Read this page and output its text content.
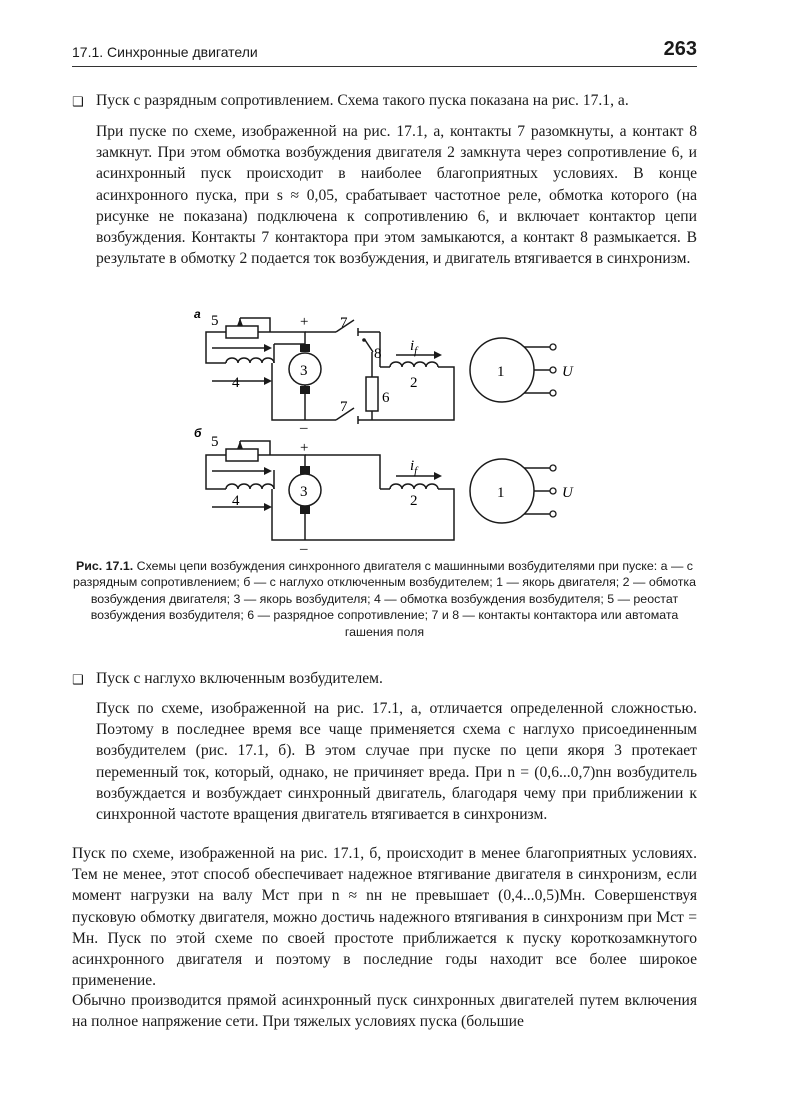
17.1. Синхронные двигатели	263
❑ Пуск с разрядным сопротивлением. Схема такого пуска показана на рис. 17.1, а.

При пуске по схеме, изображенной на рис. 17.1, а, контакты 7 разомкнуты, а контакт 8 замкнут. При этом обмотка возбуждения двигателя 2 замкнута через сопротивление 6, и асинхронный пуск происходит в наиболее благоприятных условиях. В конце асинхронного пуска, при s ≈ 0,05, срабатывает частотное реле, обмотка которого (на рисунке не показана) подключена к сопротивлению 6, и включает контактор цепи возбуждения. Контакты 7 контактора при этом замыкаются, а контакт 8 размыкается. В результате в обмотку 2 подается ток возбуждения, и двигатель втягивается в синхронизм.

а 5	+ 7
8 $i_f$
4
3
2
1	U
6
7
–
б
5	+
$i_f$
4
3
2	1	U
–
Рис. 17.1. Схемы цепи возбуждения синхронного двигателя с машинными возбудителями при пуске: а — с разрядным сопротивлением; б — с наглухо отключенным возбудителем; 1 — якорь двигателя; 2 — обмотка возбуждения двигателя; 3 — якорь возбудителя; 4 — обмотка возбуждения возбудителя; 5 — реостат возбуждения возбудителя; 6 — разрядное сопротивление; 7 и 8 — контакты контактора или автомата гашения поля
❑ Пуск с наглухо включенным возбудителем.

Пуск по схеме, изображенной на рис. 17.1, а, отличается определенной сложностью. Поэтому в последнее время все чаще применяется схема с наглухо присоединенным возбудителем (рис. 17.1, б). В этом случае при пуске по цепи якоря 3 протекает переменный ток, который, однако, не причиняет вреда. При n = (0,6...0,7)nн возбудитель возбуждается и возбуждает синхронный двигатель, благодаря чему при приближении к синхронной частоте вращения двигатель втягивается в синхронизм.

Пуск по схеме, изображенной на рис. 17.1, б, происходит в менее благоприятных условиях. Тем не менее, этот способ обеспечивает надежное втягивание двигателя в синхронизм, если момент нагрузки на валу Мст при n ≈ nн не превышает (0,4...0,5)Мн. Совершенствуя пусковую обмотку двигателя, можно достичь надежного втягивания в синхронизм при Мст = Мн. Пуск по этой схеме по своей простоте приближается к пуску короткозамкнутого асинхронного двигателя и поэтому в последние годы находит все более широкое применение.

Обычно производится прямой асинхронный пуск синхронных двигателей путем включения на полное напряжение сети. При тяжелых условиях пуска (большие
